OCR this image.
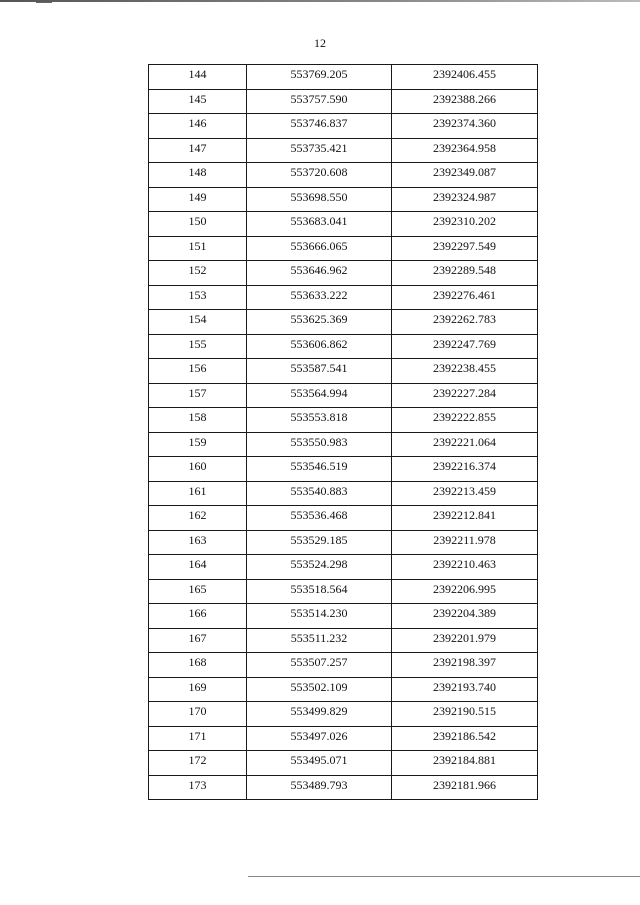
12
144	553769.205	2392406.455
145	553757.590	2392388.266
146	553746.837	2392374.360
147	553735.421	2392364.958
148	553720.608	2392349.087
149	553698.550	2392324.987
150	553683.041	2392310.202
151	553666.065	2392297.549
152	553646.962	2392289.548
153	553633.222	2392276.461
154	553625.369	2392262.783
155	553606.862	2392247.769
156	553587.541	2392238.455
157	553564.994	2392227.284
158	553553.818	2392222.855
159	553550.983	2392221.064
160	553546.519	2392216.374
161	553540.883	2392213.459
162	553536.468	2392212.841
163	553529.185	2392211.978
164	553524.298	2392210.463
165	553518.564	2392206.995
166	553514.230	2392204.389
167	553511.232	2392201.979
168	553507.257	2392198.397
169	553502.109	2392193.740
170	553499.829	2392190.515
171	553497.026	2392186.542
172	553495.071	2392184.881
173	553489.793	2392181.966
